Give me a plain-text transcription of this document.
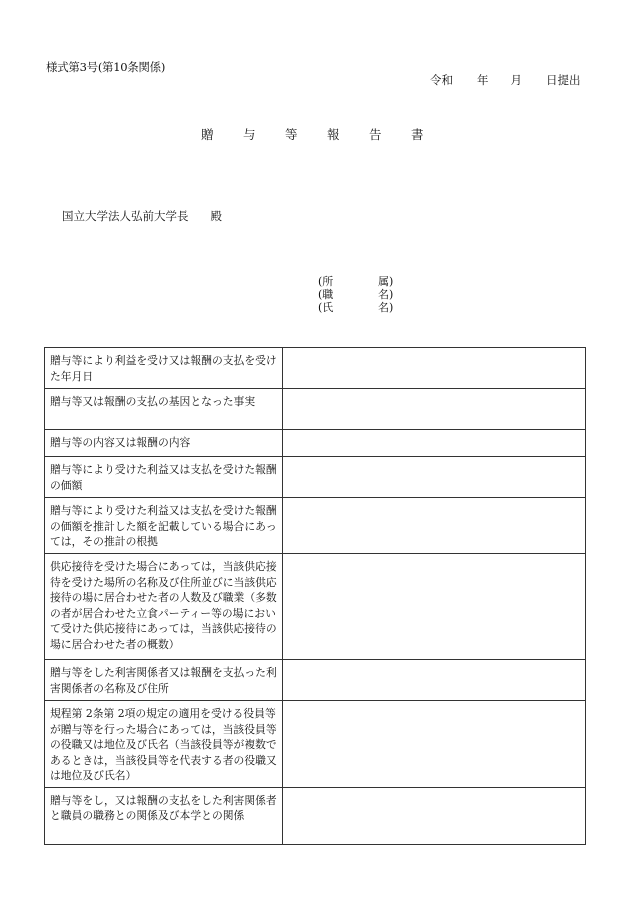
様式第3号(第10条関係)
令和 年 月 日提出
贈 与 等 報 告 書
国立大学法人弘前大学長 殿
(所	属)
(職	名)
(氏	名)
贈与等により利益を受け又は報酬の支払を受けた年月日	
贈与等又は報酬の支払の基因となった事実	
贈与等の内容又は報酬の内容	
贈与等により受けた利益又は支払を受けた報酬の価額	
贈与等により受けた利益又は支払を受けた報酬の価額を推計した額を記載している場合にあっては，その推計の根拠	
供応接待を受けた場合にあっては，当該供応接待を受けた場所の名称及び住所並びに当該供応接待の場に居合わせた者の人数及び職業（多数の者が居合わせた立食パーティー等の場において受けた供応接待にあっては，当該供応接待の場に居合わせた者の概数）	
贈与等をした利害関係者又は報酬を支払った利害関係者の名称及び住所	
規程第 2条第 2項の規定の適用を受ける役員等が贈与等を行った場合にあっては，当該役員等の役職又は地位及び氏名（当該役員等が複数であるときは，当該役員等を代表する者の役職又は地位及び氏名）	
贈与等をし，又は報酬の支払をした利害関係者と職員の職務との関係及び本学との関係	
